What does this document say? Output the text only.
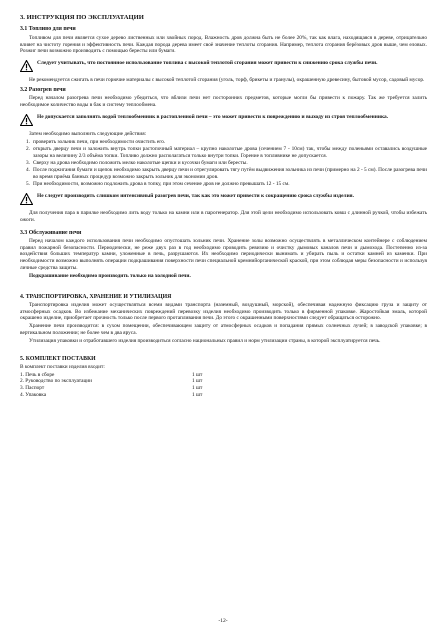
3. ИНСТРУКЦИЯ ПО ЭКСПЛУАТАЦИИ
3.1 Топливо для печи

Топливом для печи является сухое дерево лиственных или хвойных пород. Влажность дров должна быть не более 20%, так как влага, находящаяся в дереве, отрицательно влияет на чистоту горения и эффективность печи. Каждая порода дерева имеет своё значение теплоты сгорания. Например, теплота сгорания берёзовых дров выше, чем еловых. Розжиг печи возможно производить с помощью бересты или бумаги.

Следует учитывать, что постоянное использование топлива с высокой теплотой сгорания может привести к снижению срока службы печи.

Не рекомендуется сжигать в печи горючие материалы с высокой теплотой сгорания (уголь, торф, брикеты и гранулы), окрашенную древесину, бытовой мусор, садовый мусор.

3.2 Разогрев печи

Перед началом разогрева печи необходимо убедиться, что вблизи печи нет посторонних предметов, которые могли бы привести к пожару. Так же требуется залить необходимое количество воды в бак и систему теплообмена.

Не допускается заполнять водой теплообменник в растопленной печи – это может привести к повреждению и выходу из строя теплообменника.

Затем необходимо выполнить следующие действия:

1. проверить зольник печи, при необходимости очистить его.
2. открыть дверцу печи и заложить внутрь топки растопочный материал – крупно наколотые дрова (сечением 7 - 10см) так, чтобы между поленьями оставались воздушные зазоры на величину 2/3 объёма топки. Топливо должно располагаться только внутри топки. Горение в топливнике не допускается.
3. Сверху на дрова необходимо положить мелко наколотые щепки и кусочки бумаги или бересты.
4. После поджигания бумаги и щепок необходимо закрыть дверцу печи и отрегулировать тягу путём выдвижения зольника из печи (примерно на 2 - 5 см). После разогрева печи во время приёма банных процедур возможно закрыть зольник для экономии дров.
5. При необходимости, возможно подложить дрова в топку, при этом сечение дров не должно превышать 12 - 15 см.
Не следует производить слишком интенсивный разогрев печи, так как это может привести к сокращению срока службы изделия.

Для получения пара в парилке необходимо лить воду только на камни или в парогенератор. Для этой цели необходимо использовать ковш с длинной ручкой, чтобы избежать ожоги.

3.3 Обслуживание печи

Перед началом каждого использования печи необходимо опустошать зольник печи. Хранение золы возможно осуществлять в металлическом контейнере с соблюдением правил пожарной безопасности. Периодически, не реже двух раз в год необходимо проводить ревизию и очистку дымовых каналов печи и дымохода. Постепенно из-за воздействия больших температур камни, уложенные в печь, разрушаются. Их необходимо периодически вынимать и убирать пыль и остатки камней из каменки. При необходимости возможно выполнять операции подкрашивания поверхности печи специальной кремнийорганической краской, при этом соблюдая меры безопасности и используя личные средства защиты.

Подкрашивание необходимо производить только на холодной печи.

4. ТРАНСПОРТИРОВКА, ХРАНЕНИЕ И УТИЛИЗАЦИЯ

Транспортировка изделия может осуществляться всеми видами транспорта (наземный, воздушный, морской), обеспечивая надежную фиксацию груза и защиту от атмосферных осадков. Во избежание механических повреждений перевозку изделия необходимо производить только в фирменной упаковке. Жаростойкая эмаль, которой окрашено изделие, приобретает прочность только после первого протапливания печи. До этого с окрашенными поверхностями следует обращаться осторожно.

Хранение печи производится: в сухом помещении, обеспечивающем защиту от атмосферных осадков и попадания прямых солнечных лучей; в заводской упаковке; в вертикальном положении; не более чем в два яруса.

Утилизация упаковки и отработавшего изделия производиться согласно национальных правил и норм утилизации страны, в которой эксплуатируется печь.

5. КОМПЛЕКТ ПОСТАВКИ

В комплект поставки изделия входит:

1. Печь в сборе	1 шт
2. Руководство по эксплуатации	1 шт
3. Паспорт	1 шт
4. Упаковка	1 шт
-12-
